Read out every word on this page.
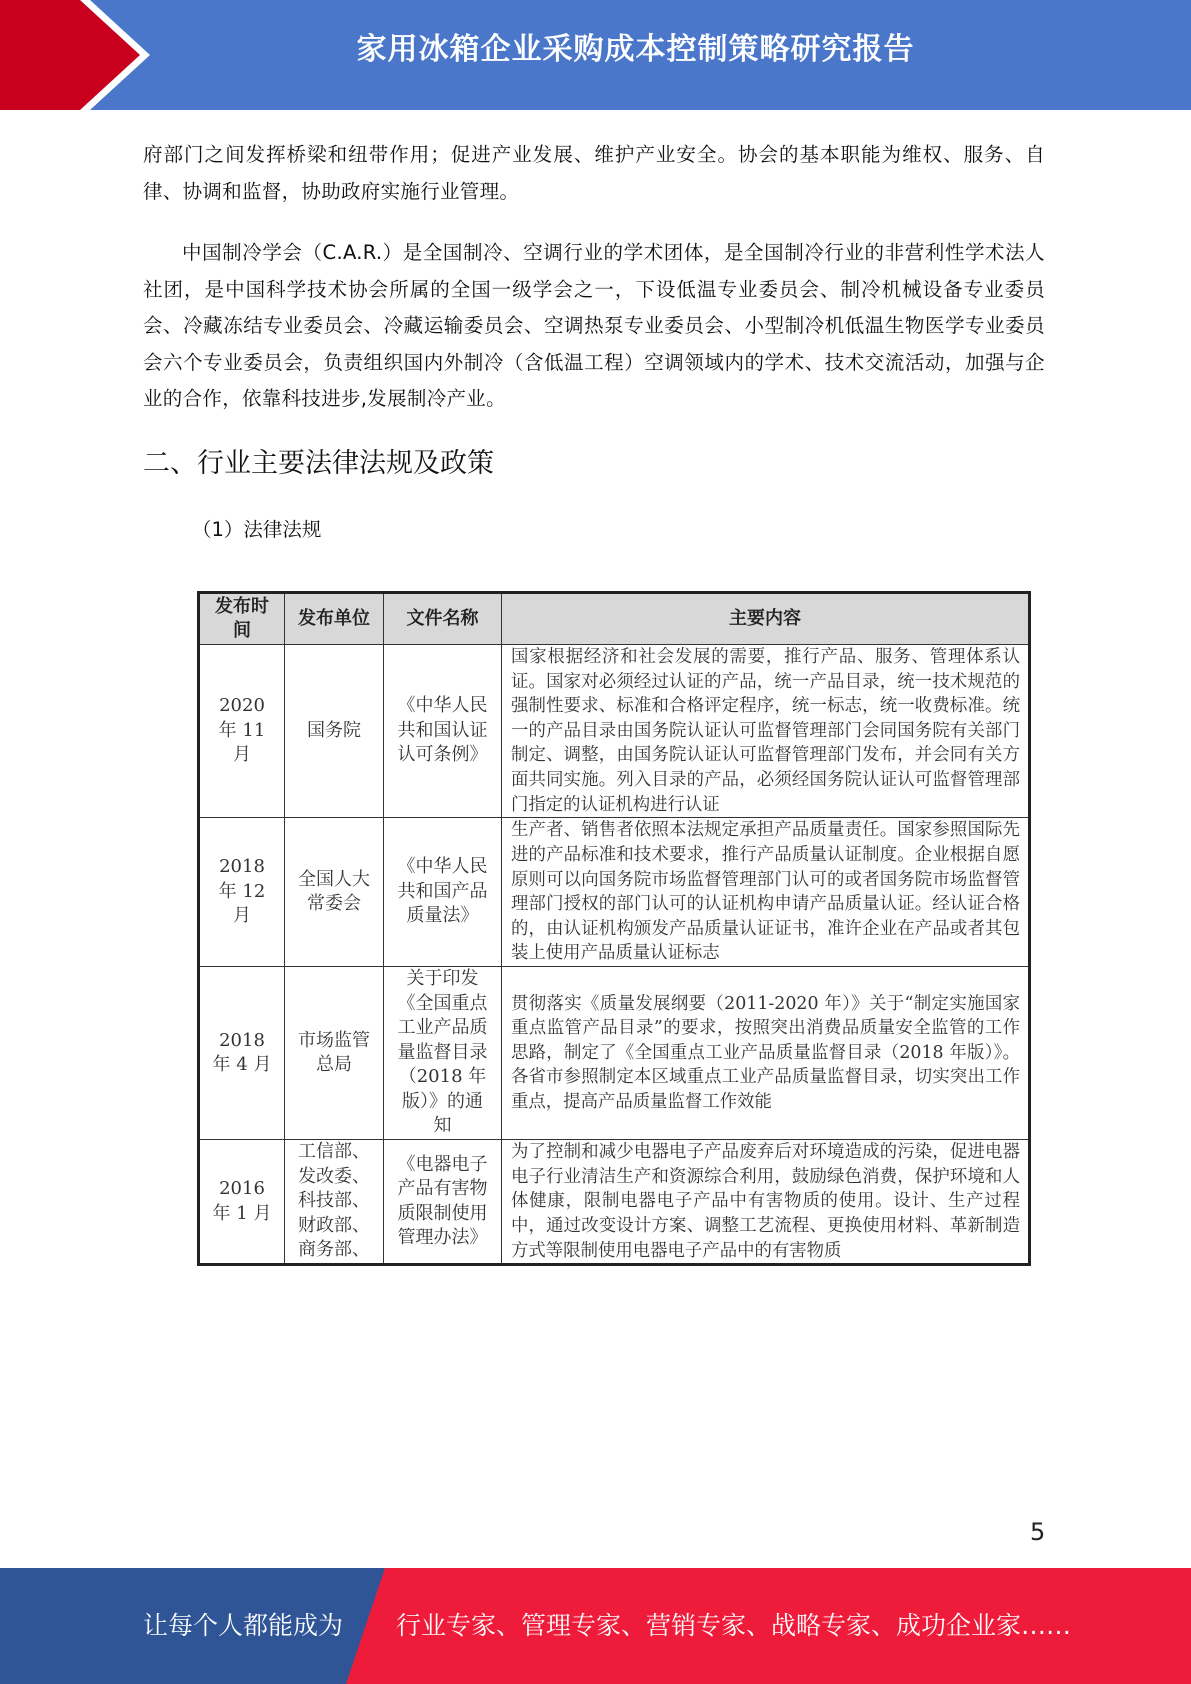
家用冰箱企业采购成本控制策略研究报告

府部门之间发挥桥梁和纽带作用；促进产业发展、维护产业安全。协会的基本职能为维权、服务、自律、协调和监督，协助政府实施行业管理。

中国制冷学会（C.A.R.）是全国制冷、空调行业的学术团体，是全国制冷行业的非营利性学术法人社团，是中国科学技术协会所属的全国一级学会之一，下设低温专业委员会、制冷机械设备专业委员会、冷藏冻结专业委员会、冷藏运输委员会、空调热泵专业委员会、小型制冷机低温生物医学专业委员会六个专业委员会，负责组织国内外制冷（含低温工程）空调领域内的学术、技术交流活动，加强与企业的合作，依靠科技进步,发展制冷产业。

二、行业主要法律法规及政策
（1）法律法规
发布时间	发布单位	文件名称	主要内容
2020 年 11 月	国务院	《中华人民共和国认证认可条例》	国家根据经济和社会发展的需要，推行产品、服务、管理体系认证。国家对必须经过认证的产品，统一产品目录，统一技术规范的强制性要求、标准和合格评定程序，统一标志，统一收费标准。统一的产品目录由国务院认证认可监督管理部门会同国务院有关部门制定、调整，由国务院认证认可监督管理部门发布，并会同有关方面共同实施。列入目录的产品，必须经国务院认证认可监督管理部门指定的认证机构进行认证
2018 年 12 月	全国人大常委会	《中华人民共和国产品质量法》	生产者、销售者依照本法规定承担产品质量责任。国家参照国际先进的产品标准和技术要求，推行产品质量认证制度。企业根据自愿原则可以向国务院市场监督管理部门认可的或者国务院市场监督管理部门授权的部门认可的认证机构申请产品质量认证。经认证合格的，由认证机构颁发产品质量认证证书，准许企业在产品或者其包装上使用产品质量认证标志
2018 年 4 月	市场监管总局	关于印发《全国重点工业产品质量监督目录（2018 年版）》的通知	贯彻落实《质量发展纲要（2011-2020 年）》关于“制定实施国家重点监管产品目录”的要求，按照突出消费品质量安全监管的工作思路，制定了《全国重点工业产品质量监督目录（2018 年版）》。各省市参照制定本区域重点工业产品质量监督目录，切实突出工作重点，提高产品质量监督工作效能
2016 年 1 月	工信部、发改委、科技部、财政部、商务部、	《电器电子产品有害物质限制使用管理办法》	为了控制和减少电器电子产品废弃后对环境造成的污染，促进电器电子行业清洁生产和资源综合利用，鼓励绿色消费，保护环境和人体健康，限制电器电子产品中有害物质的使用。设计、生产过程中，通过改变设计方案、调整工艺流程、更换使用材料、革新制造方式等限制使用电器电子产品中的有害物质
5
让每个人都能成为 行业专家、管理专家、营销专家、战略专家、成功企业家……
